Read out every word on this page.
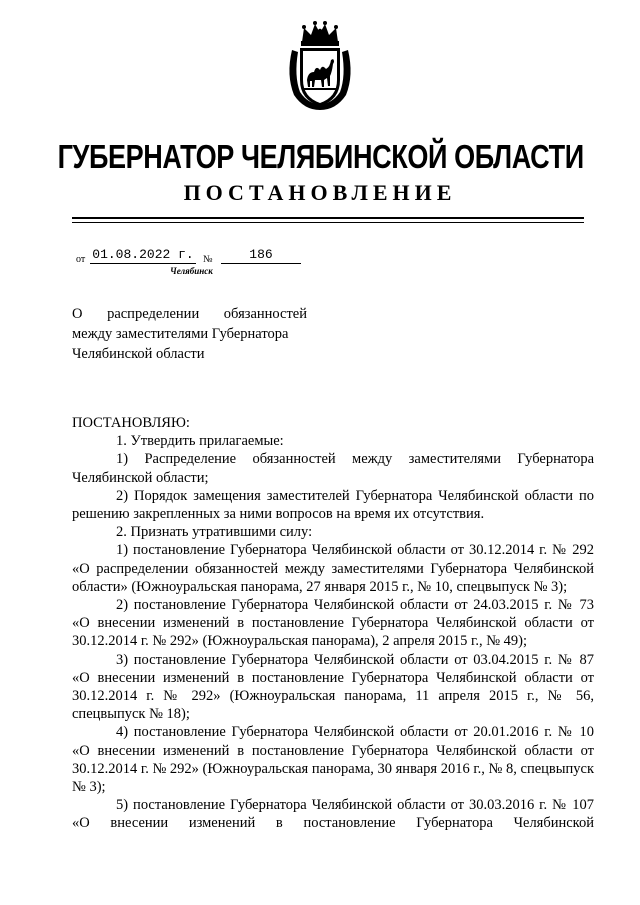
ГУБЕРНАТОР ЧЕЛЯБИНСКОЙ ОБЛАСТИ
ПОСТАНОВЛЕНИЕ
от 01.08.2022 г. №	186
Челябинск
О распределении обязанностей
между заместителями Губернатора
Челябинской области

ПОСТАНОВЛЯЮ:

1. Утвердить прилагаемые:

1) Распределение обязанностей между заместителями Губернатора Челябинской области;

2) Порядок замещения заместителей Губернатора Челябинской области по решению закрепленных за ними вопросов на время их отсутствия.

2. Признать утратившими силу:

1) постановление Губернатора Челябинской области от 30.12.2014 г. № 292 «О распределении обязанностей между заместителями Губернатора Челябинской области» (Южноуральская панорама, 27 января 2015 г., № 10, спецвыпуск № 3);

2) постановление Губернатора Челябинской области от 24.03.2015 г. № 73 «О внесении изменений в постановление Губернатора Челябинской области от 30.12.2014 г. № 292» (Южноуральская панорама), 2 апреля 2015 г., № 49);

3) постановление Губернатора Челябинской области от 03.04.2015 г. № 87 «О внесении изменений в постановление Губернатора Челябинской области от 30.12.2014 г. № 292» (Южноуральская панорама, 11 апреля 2015 г., № 56, спецвыпуск № 18);

4) постановление Губернатора Челябинской области от 20.01.2016 г. № 10 «О внесении изменений в постановление Губернатора Челябинской области от 30.12.2014 г. № 292» (Южноуральская панорама, 30 января 2016 г., № 8, спецвыпуск № 3);

5) постановление Губернатора Челябинской области от 30.03.2016 г. № 107 «О внесении изменений в постановление Губернатора Челябинской
